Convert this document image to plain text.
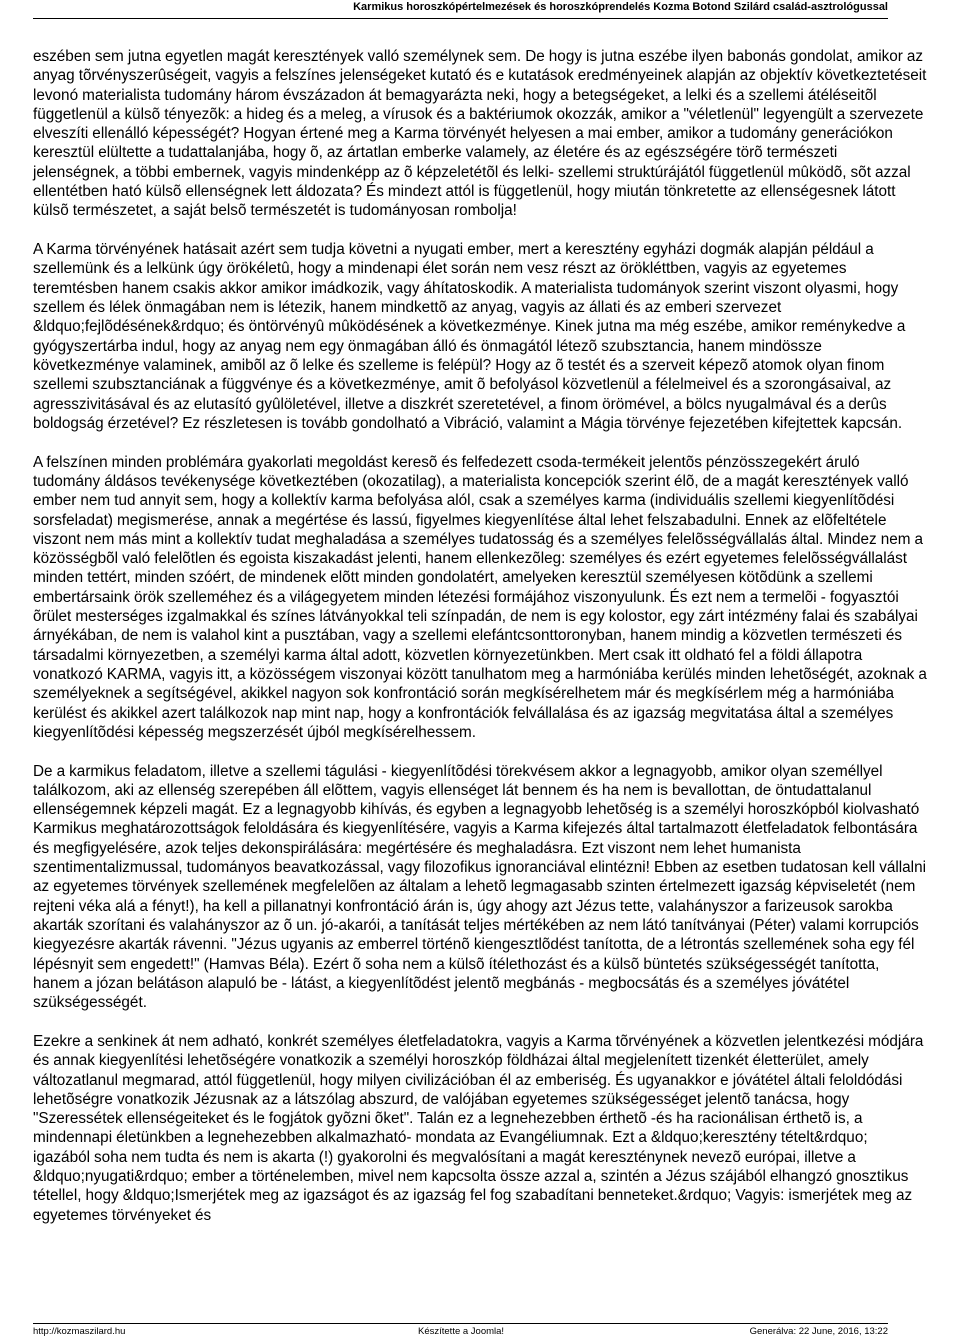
Karmikus horoszkópértelmezések és horoszkóprendelés Kozma Botond Szilárd család-asztrológussal

eszében sem jutna egyetlen magát keresztények valló személynek sem. De hogy is jutna eszébe ilyen babonás gondolat, amikor az anyag tõrvényszerûségeit, vagyis a felszínes jelenségeket kutató és e kutatások eredményeinek alapján az objektív következtetéseit levonó materialista tudomány három évszázadon át bemagyarázta neki, hogy a betegségeket, a lelki és a szellemi átéléseitõl függetlenül a külsõ tényezõk: a hideg és a meleg, a vírusok és a baktériumok okozzák, amikor a "véletlenül" legyengült a szervezete elveszíti ellenálló képességét? Hogyan értené meg a Karma törvényét helyesen a mai ember, amikor a tudomány generációkon keresztül elültette a tudattalanjába, hogy õ, az ártatlan emberke valamely, az életére és az egészségére törõ természeti jelenségnek, a többi embernek, vagyis mindenképp az õ képzeletétõl és lelki- szellemi struktúrájától függetlenül mûködõ, sõt azzal ellentétben ható külsõ ellenségnek lett áldozata? És mindezt attól is függetlenül, hogy miután tönkretette az ellenségesnek látott külsõ természetet, a saját belsõ természetét is tudományosan rombolja!

A Karma törvényének hatásait azért sem tudja követni a nyugati ember, mert a keresztény egyházi dogmák alapján például a szellemünk és a lelkünk úgy örökéletû, hogy a mindenapi élet során nem vesz részt az örökléttben, vagyis az egyetemes teremtésben hanem csakis akkor amikor imádkozik, vagy áhítatoskodik. A materialista tudományok szerint viszont olyasmi, hogy szellem és lélek önmagában nem is létezik, hanem mindkettõ az anyag, vagyis az állati és az emberi szervezet &ldquo;fejlõdésének&rdquo; és öntörvényû mûködésének a következménye. Kinek jutna ma még eszébe, amikor reménykedve a gyógyszertárba indul, hogy az anyag nem egy önmagában álló és önmagától létezõ szubsztancia, hanem mindössze következménye valaminek, amibõl az õ lelke és szelleme is felépül? Hogy az õ testét és a szerveit képezõ atomok olyan finom szellemi szubsztanciának a függvénye és a következménye, amit õ befolyásol közvetlenül a félelmeivel és a szorongásaival, az agresszivitásával és az elutasító gyûlöletével, illetve a diszkrét szeretetével, a finom örömével, a bölcs nyugalmával és a derûs boldogság érzetével? Ez részletesen is tovább gondolható a Vibráció, valamint a Mágia törvénye fejezetében kifejtettek kapcsán.

A felszínen minden problémára gyakorlati megoldást keresõ és felfedezett csoda-termékeit jelentõs pénzösszegekért áruló tudomány áldásos tevékenysége következtében (okozatilag), a materialista koncepciók szerint élõ, de a magát keresztények valló ember nem tud annyit sem, hogy a kollektív karma befolyása alól, csak a személyes karma (individuális szellemi kiegyenlítõdési sorsfeladat) megismerése, annak a megértése és lassú, figyelmes kiegyenlítése által lehet felszabadulni. Ennek az elõfeltétele viszont nem más mint a kollektív tudat meghaladása a személyes tudatosság és a személyes felelõsségvállalás által. Mindez nem a közösségbõl való felelõtlen és egoista kiszakadást jelenti, hanem ellenkezõleg: személyes és ezért egyetemes felelõsségvállalást minden tettért, minden szóért, de mindenek elõtt minden gondolatért, amelyeken keresztül személyesen kötõdünk a szellemi embertársaink örök szelleméhez és a világegyetem minden létezési formájához viszonyulunk. És ezt nem a termelõi - fogyasztói õrület mesterséges izgalmakkal és színes látványokkal teli színpadán, de nem is egy kolostor, egy zárt intézmény falai és szabályai árnyékában, de nem is valahol kint a pusztában, vagy a szellemi elefántcsonttoronyban, hanem mindig a közvetlen természeti és társadalmi környezetben, a személyi karma által adott, közvetlen környezetünkben. Mert csak itt oldható fel a földi állapotra vonatkozó KARMA, vagyis itt, a közösségem viszonyai között tanulhatom meg a harmóniába kerülés minden lehetõségét, azoknak a személyeknek a segítségével, akikkel nagyon sok konfrontáció során megkísérelhetem már és megkísérlem még a harmóniába kerülést és akikkel azert találkozok nap mint nap, hogy a konfrontációk felvállalása és az igazság megvitatása által a személyes kiegyenlítõdési képesség megszerzését újból megkísérelhessem.

De a karmikus feladatom, illetve a szellemi tágulási - kiegyenlítõdési törekvésem akkor a legnagyobb, amikor olyan személlyel találkozom, aki az ellenség szerepében áll elõttem, vagyis ellenséget lát bennem és ha nem is bevallottan, de öntudattalanul ellenségemnek képzeli magát. Ez a legnagyobb kihívás, és egyben a legnagyobb lehetõség is a személyi horoszkópból kiolvasható Karmikus meghatározottságok feloldására és kiegyenlítésére, vagyis a Karma kifejezés által tartalmazott életfeladatok felbontására és megfigyelésére, azok teljes dekonspirálására: megértésére és meghaladásra. Ezt viszont nem lehet humanista szentimentalizmussal, tudományos beavatkozással, vagy filozofikus ignoranciával elintézni! Ebben az esetben tudatosan kell vállalni az egyetemes törvények szellemének megfelelõen az általam a lehetõ legmagasabb szinten értelmezett igazság képviseletét (nem rejteni véka alá a fényt!), ha kell a pillanatnyi konfrontáció árán is, úgy ahogy azt Jézus tette, valahányszor a farizeusok sarokba akarták szorítani és valahányszor az õ un. jó-akarói, a tanítását teljes mértékében az nem látó tanítványai (Péter) valami korrupciós kiegyezésre akarták rávenni. "Jézus ugyanis az emberrel történõ kiengesztlõdést tanította, de a létrontás szellemének soha egy fél lépésnyit sem engedett!" (Hamvas Béla). Ezért õ soha nem a külsõ ítélethozást és a külsõ büntetés szükségességét tanította, hanem a józan belátáson alapuló be - látást, a kiegyenlítõdést jelentõ megbánás - megbocsátás és a személyes jóvátétel szükségességét.

Ezekre a senkinek át nem adható, konkrét személyes életfeladatokra, vagyis a Karma tõrvényének a közvetlen jelentkezési módjára és annak kiegyenlítési lehetõségére vonatkozik a személyi horoszkóp földházai által megjelenített tizenkét életterület, amely változatlanul megmarad, attól függetlenül, hogy milyen civilizációban él az emberiség. És ugyanakkor e jóvátétel általi feloldódási lehetõségre vonatkozik Jézusnak az a látszólag abszurd, de valójában egyetemes szükségességet jelentõ tanácsa, hogy "Szeressétek ellenségeiteket és le fogjátok gyõzni õket". Talán ez a legnehezebben érthetõ -és ha racionálisan érthetõ is, a mindennapi életünkben a legnehezebben alkalmazható- mondata az Evangéliumnak. Ezt a &ldquo;keresztény tételt&rdquo; igazából soha nem tudta és nem is akarta (!) gyakorolni és megvalósítani a magát kereszténynek nevezõ európai, illetve a &ldquo;nyugati&rdquo; ember a történelemben, mivel nem kapcsolta össze azzal a, szintén a Jézus szájából elhangzó gnosztikus tétellel, hogy &ldquo;Ismerjétek meg az igazságot és az igazság fel fog szabadítani benneteket.&rdquo; Vagyis: ismerjétek meg az egyetemes törvényeket és

http://kozmaszilard.hu	Készítette a Joomla!	Generálva: 22 June, 2016, 13:22
